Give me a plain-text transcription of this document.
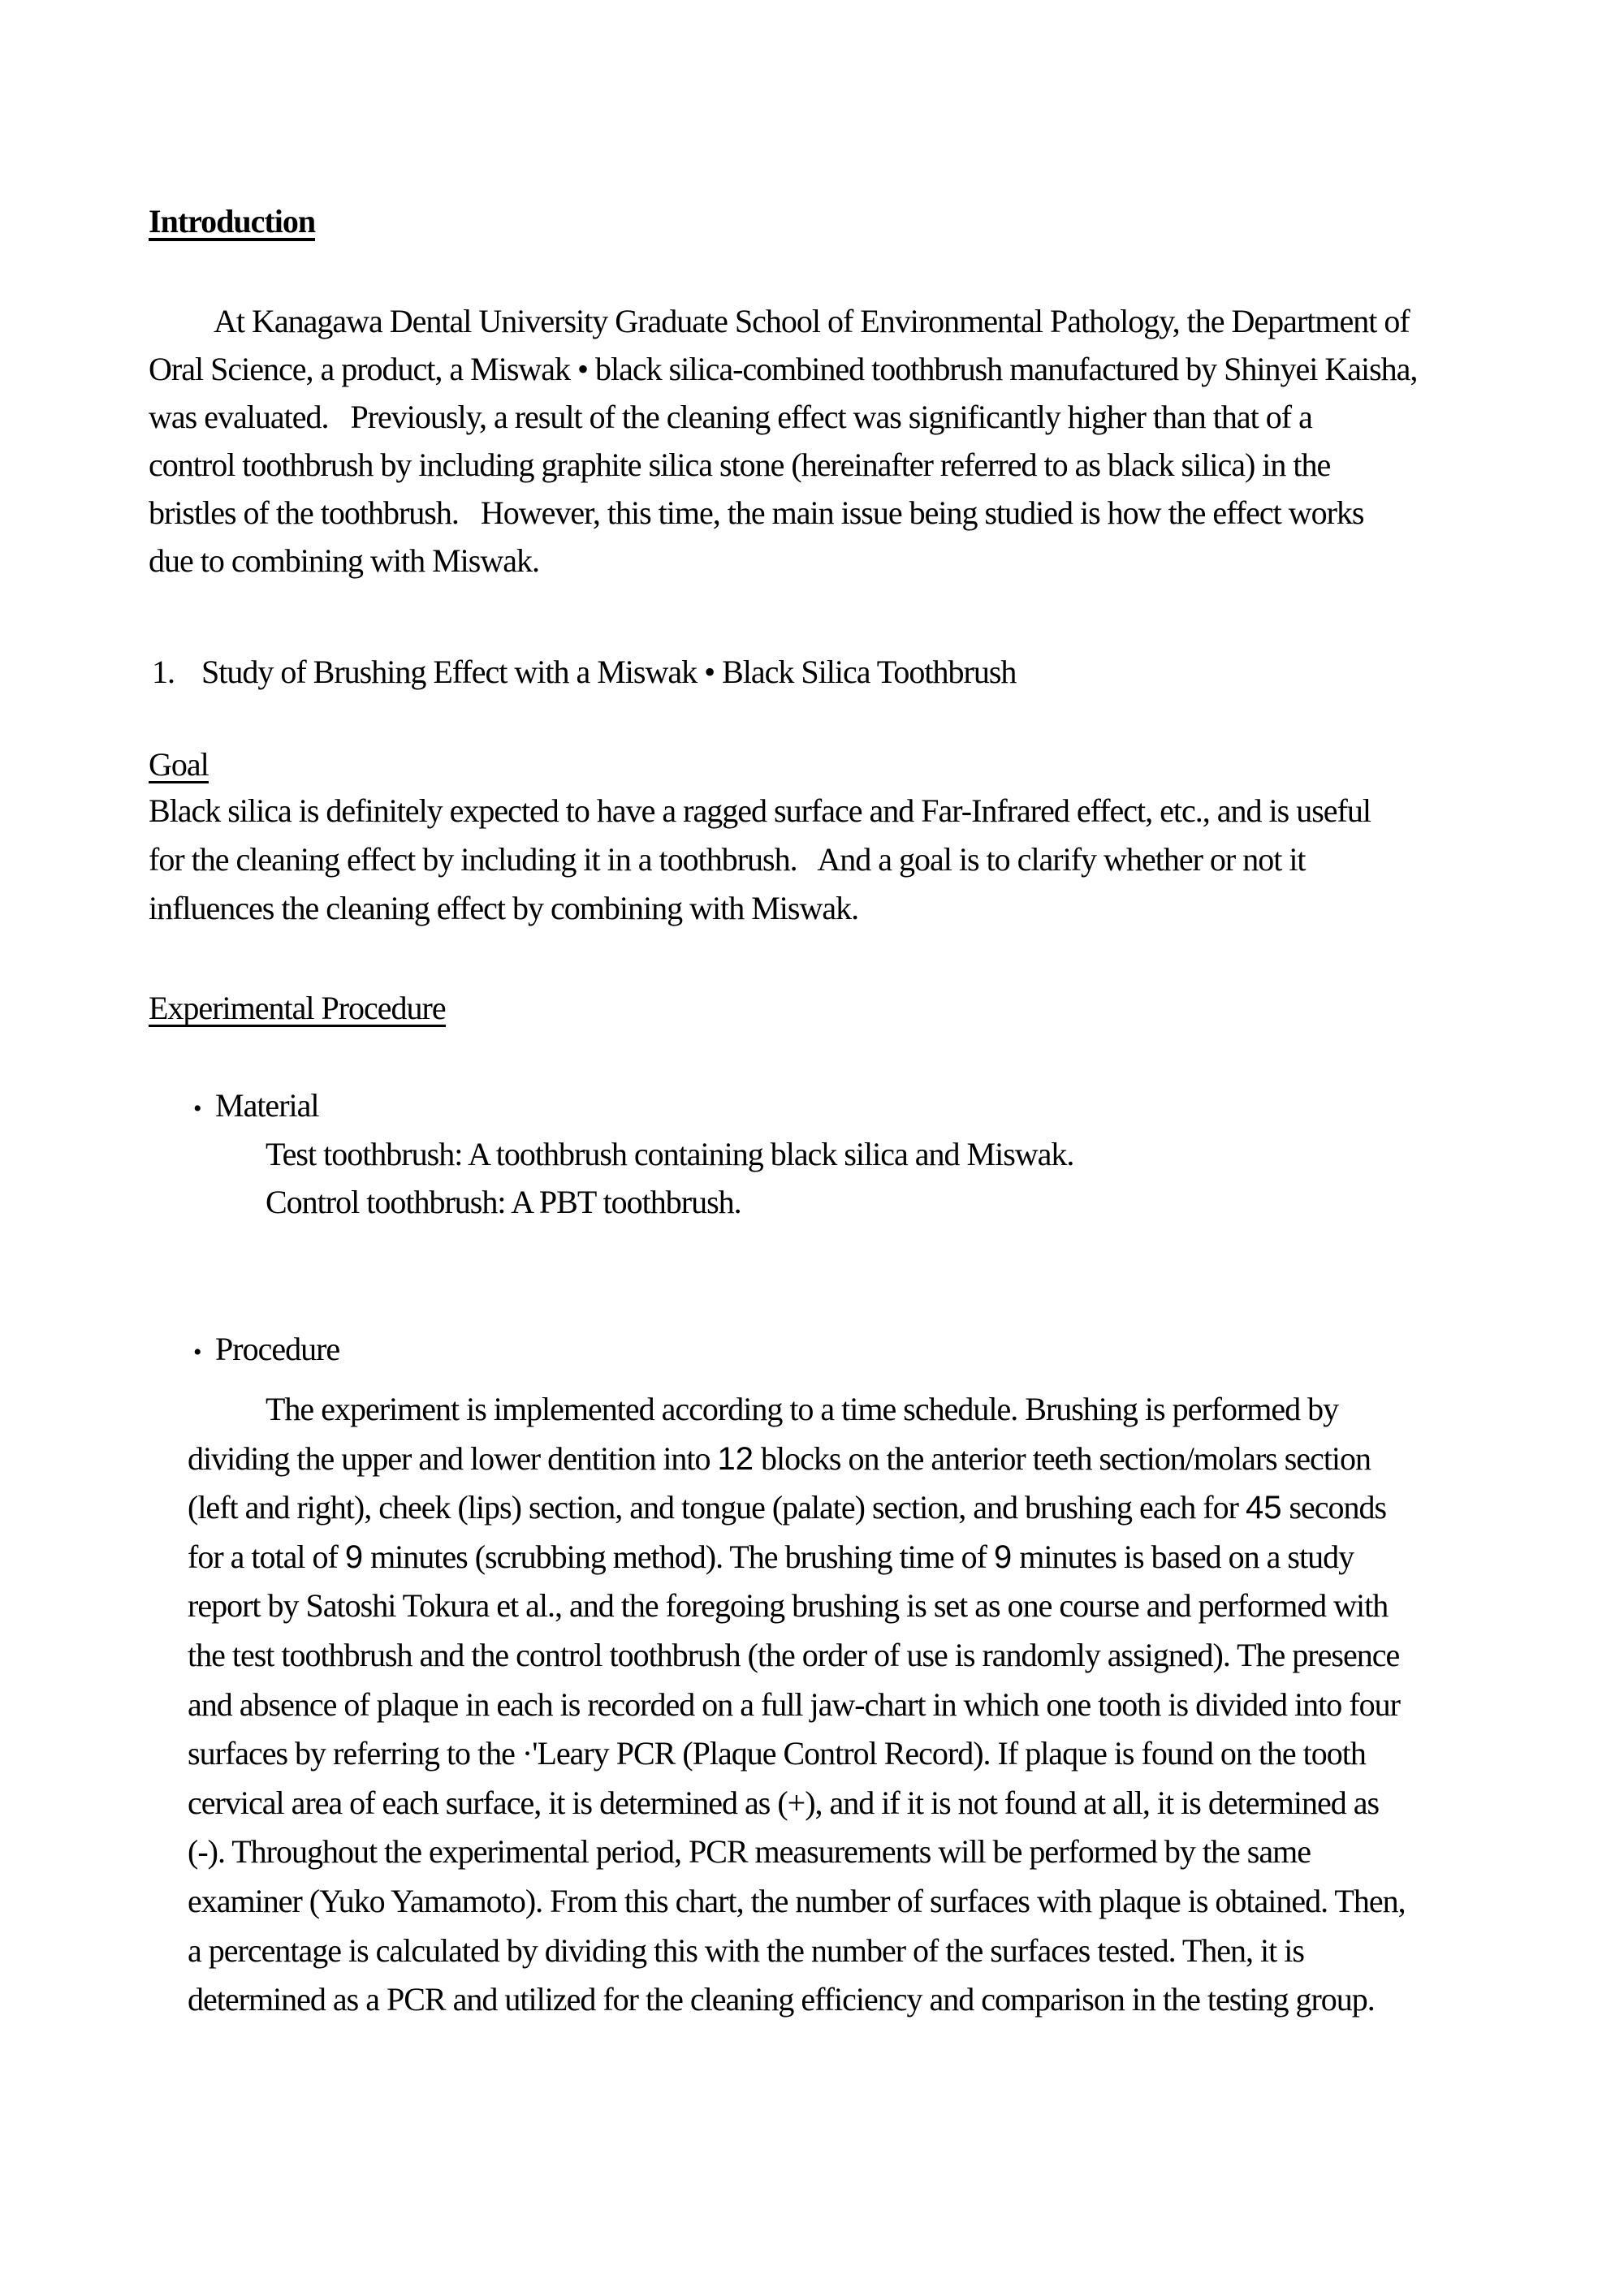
Introduction
At Kanagawa Dental University Graduate School of Environmental Pathology, the Department of
Oral Science, a product, a Miswak • black silica-combined toothbrush manufactured by Shinyei Kaisha,
was evaluated.   Previously, a result of the cleaning effect was significantly higher than that of a
control toothbrush by including graphite silica stone (hereinafter referred to as black silica) in the
bristles of the toothbrush.   However, this time, the main issue being studied is how the effect works
due to combining with Miswak.
1. Study of Brushing Effect with a Miswak • Black Silica Toothbrush
Goal
Black silica is definitely expected to have a ragged surface and Far-Infrared effect, etc., and is useful
for the cleaning effect by including it in a toothbrush.   And a goal is to clarify whether or not it
influences the cleaning effect by combining with Miswak.
Experimental Procedure
• Material
Test toothbrush: A toothbrush containing black silica and Miswak.
Control toothbrush: A PBT toothbrush.
• Procedure
The experiment is implemented according to a time schedule. Brushing is performed by
dividing the upper and lower dentition into 12 blocks on the anterior teeth section/molars section
(left and right), cheek (lips) section, and tongue (palate) section, and brushing each for 45 seconds
for a total of 9 minutes (scrubbing method). The brushing time of 9 minutes is based on a study
report by Satoshi Tokura et al., and the foregoing brushing is set as one course and performed with
the test toothbrush and the control toothbrush (the order of use is randomly assigned). The presence
and absence of plaque in each is recorded on a full jaw-chart in which one tooth is divided into four
surfaces by referring to the ·'Leary PCR (Plaque Control Record). If plaque is found on the tooth
cervical area of each surface, it is determined as (+), and if it is not found at all, it is determined as
(-). Throughout the experimental period, PCR measurements will be performed by the same
examiner (Yuko Yamamoto). From this chart, the number of surfaces with plaque is obtained. Then,
a percentage is calculated by dividing this with the number of the surfaces tested. Then, it is
determined as a PCR and utilized for the cleaning efficiency and comparison in the testing group.
